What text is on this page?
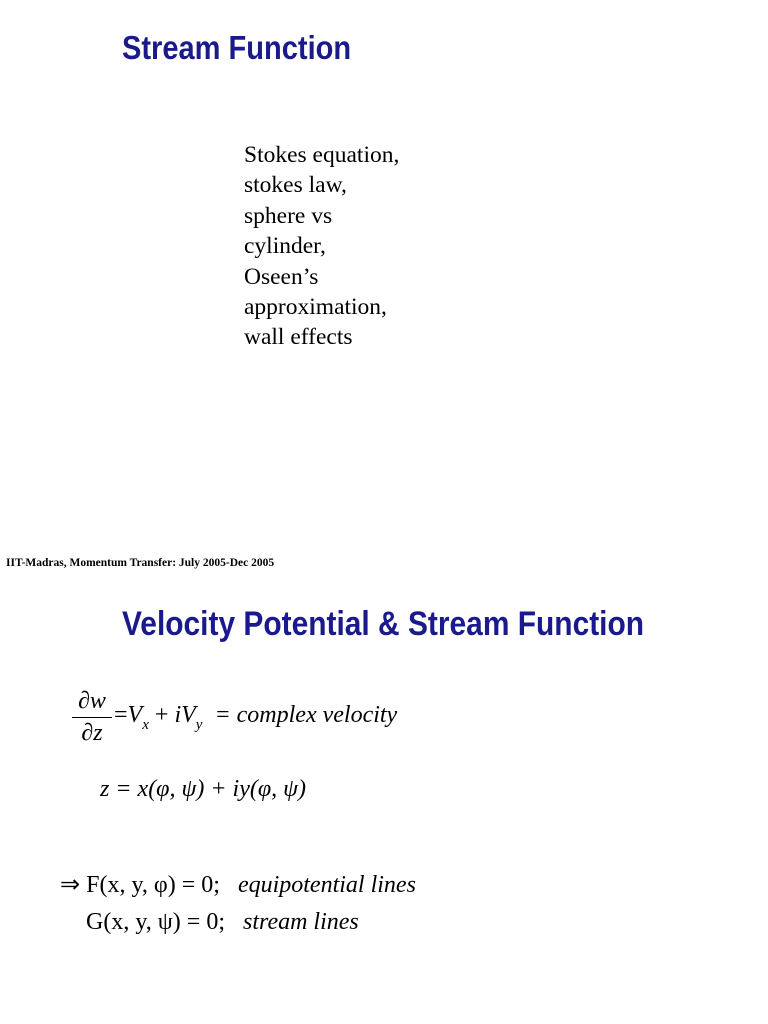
Stream Function
Stokes equation,
stokes law,
sphere vs
cylinder,
Oseen’s
approximation,
wall effects
IIT-Madras, Momentum Transfer: July 2005-Dec 2005
Velocity Potential & Stream Function
∂w
∂z
$=V_x + iV_y$ = complex velocity
z = x(φ, ψ) + iy(φ, ψ)
⇒ F(x, y, φ) = 0; equipotential lines
G(x, y, ψ) = 0; stream lines
